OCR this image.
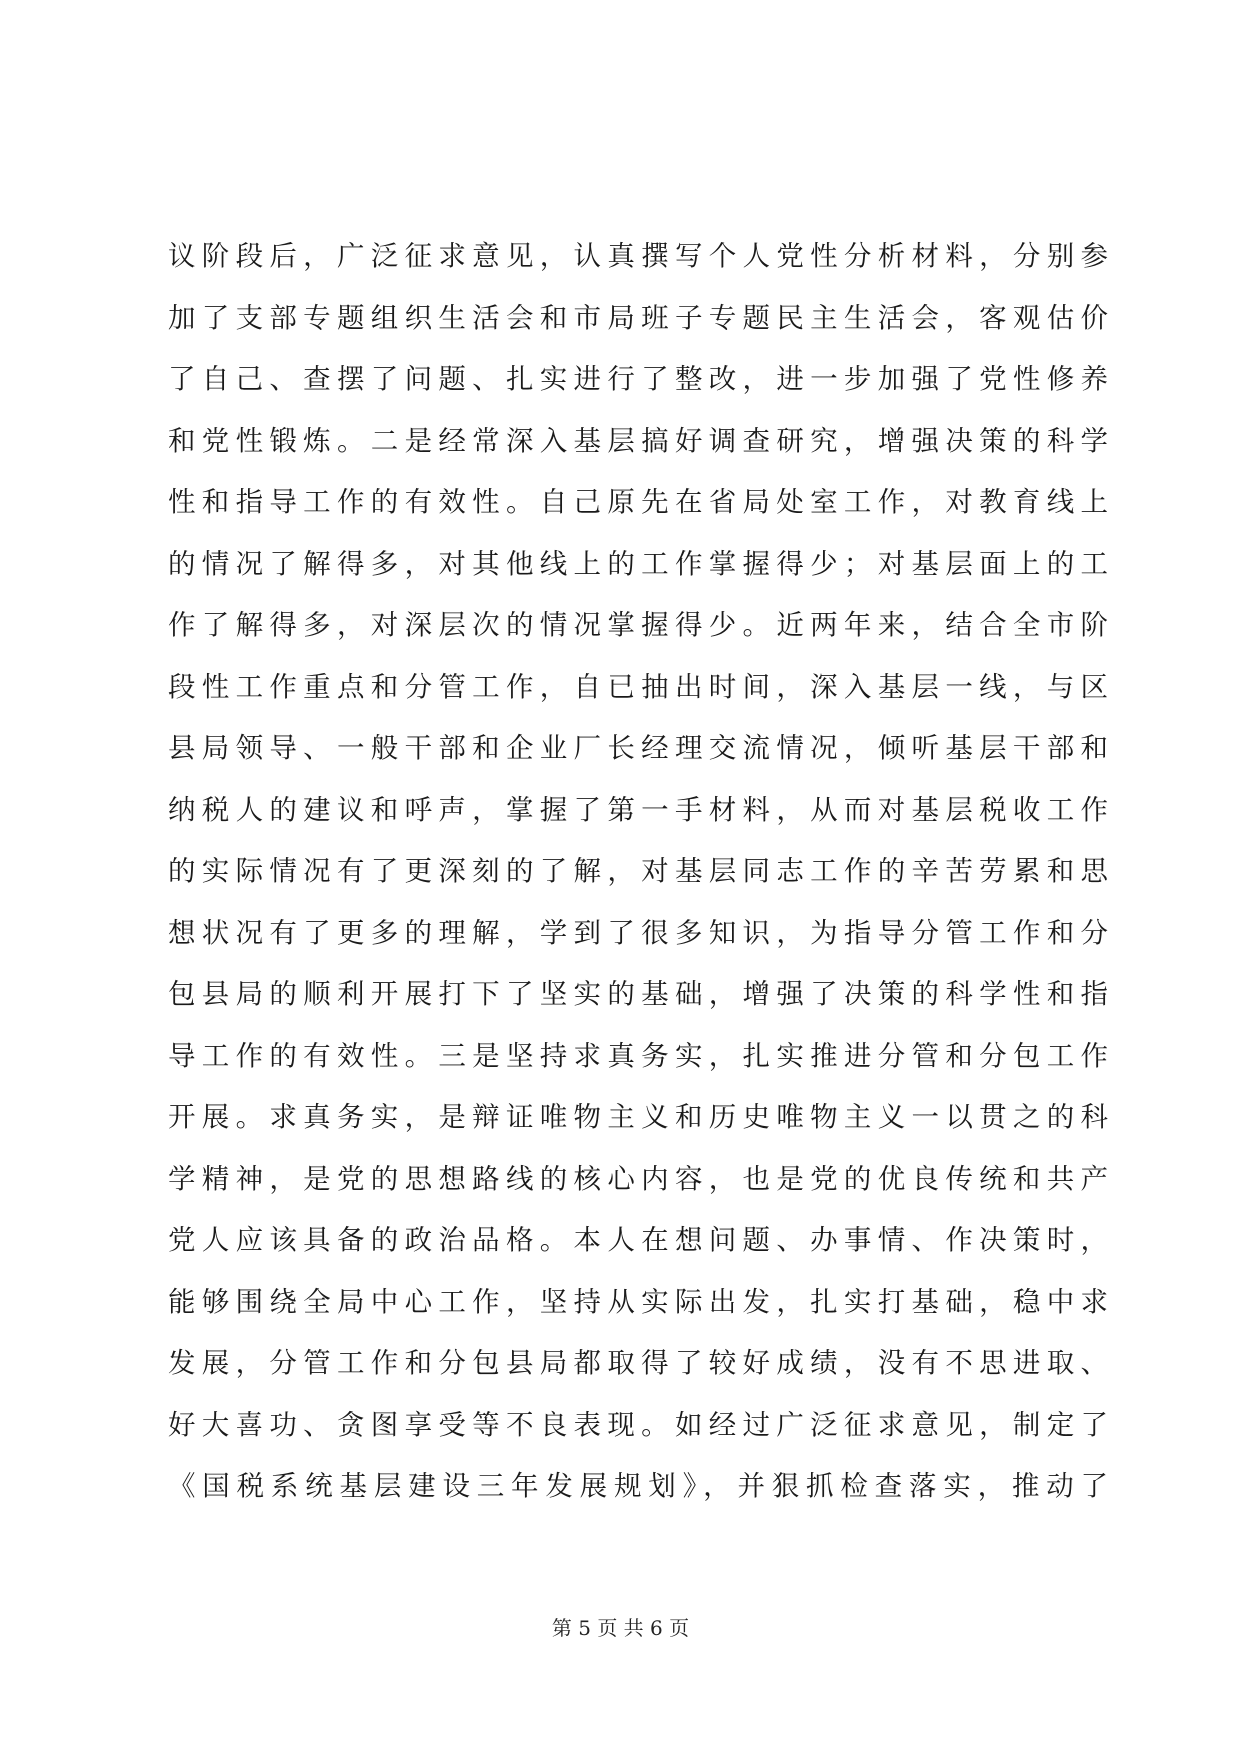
议阶段后，广泛征求意见，认真撰写个人党性分析材料，分别参
加了支部专题组织生活会和市局班子专题民主生活会，客观估价
了自己、查摆了问题、扎实进行了整改，进一步加强了党性修养
和党性锻炼。二是经常深入基层搞好调查研究，增强决策的科学
性和指导工作的有效性。自己原先在省局处室工作，对教育线上
的情况了解得多，对其他线上的工作掌握得少；对基层面上的工
作了解得多，对深层次的情况掌握得少。近两年来，结合全市阶
段性工作重点和分管工作，自已抽出时间，深入基层一线，与区
县局领导、一般干部和企业厂长经理交流情况，倾听基层干部和
纳税人的建议和呼声，掌握了第一手材料，从而对基层税收工作
的实际情况有了更深刻的了解，对基层同志工作的辛苦劳累和思
想状况有了更多的理解，学到了很多知识，为指导分管工作和分
包县局的顺利开展打下了坚实的基础，增强了决策的科学性和指
导工作的有效性。三是坚持求真务实，扎实推进分管和分包工作
开展。求真务实，是辩证唯物主义和历史唯物主义一以贯之的科
学精神，是党的思想路线的核心内容，也是党的优良传统和共产
党人应该具备的政治品格。本人在想问题、办事情、作决策时，
能够围绕全局中心工作，坚持从实际出发，扎实打基础，稳中求
发展，分管工作和分包县局都取得了较好成绩，没有不思进取、
好大喜功、贪图享受等不良表现。如经过广泛征求意见，制定了
《国税系统基层建设三年发展规划》，并狠抓检查落实，推动了
第 5 页 共 6 页
